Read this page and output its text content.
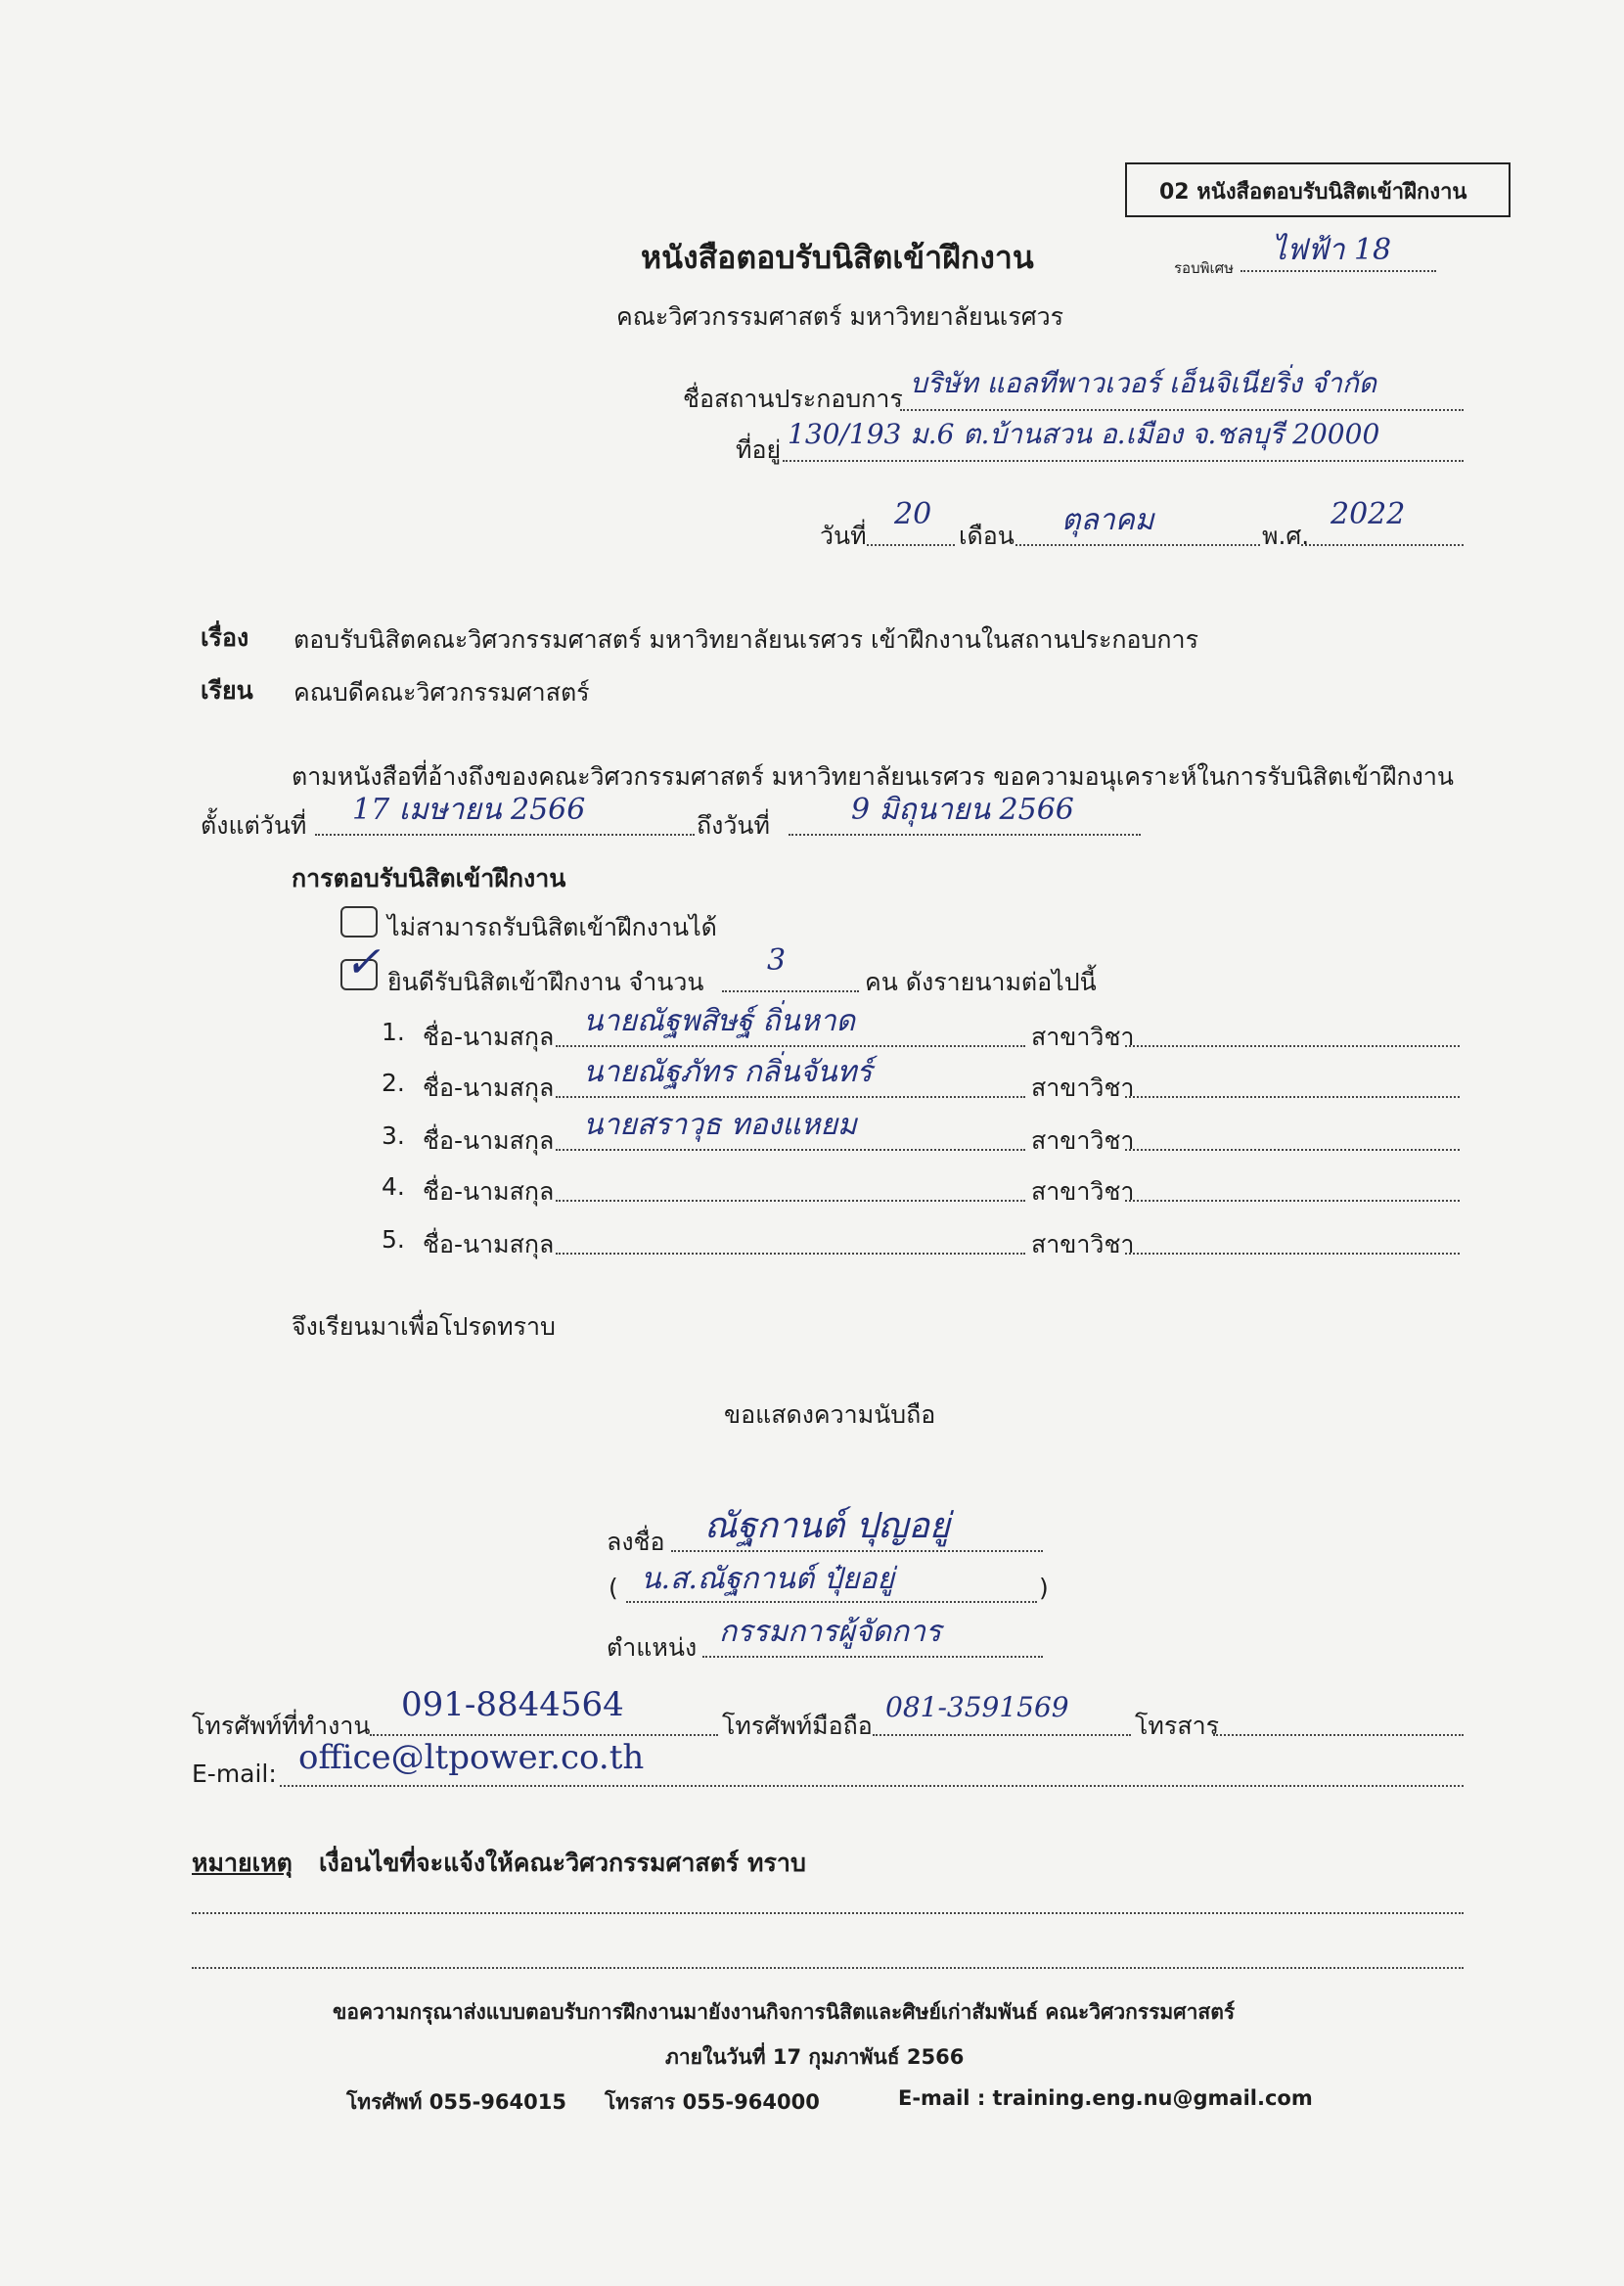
02 หนังสือตอบรับนิสิตเข้าฝึกงาน
หนังสือตอบรับนิสิตเข้าฝึกงาน	รอบพิเศษ
ไฟฟ้า 18
คณะวิศวกรรมศาสตร์ มหาวิทยาลัยนเรศวร
ชื่อสถานประกอบการ บริษัท แอลทีพาวเวอร์ เอ็นจิเนียริ่ง จำกัด
ที่อยู่ 130/193 ม.6 ต.บ้านสวน อ.เมือง จ.ชลบุรี 20000
วันที่
20
เดือน ตุลาคม	พ.ศ.
2022
เรื่อง ตอบรับนิสิตคณะวิศวกรรมศาสตร์ มหาวิทยาลัยนเรศวร เข้าฝึกงานในสถานประกอบการ
เรียน คณบดีคณะวิศวกรรมศาสตร์
ตามหนังสือที่อ้างถึงของคณะวิศวกรรมศาสตร์ มหาวิทยาลัยนเรศวร ขอความอนุเคราะห์ในการรับนิสิตเข้าฝึกงาน
ตั้งแต่วันที่ 17 เมษายน 2566	ถึงวันที่	9 มิถุนายน 2566
การตอบรับนิสิตเข้าฝึกงาน
ไม่สามารถรับนิสิตเข้าฝึกงานได้
✓ ยินดีรับนิสิตเข้าฝึกงาน จำนวน
3
คน ดังรายนามต่อไปนี้
1. ชื่อ-นามสกุล นายณัฐพสิษฐ์ ถิ่นหาด	สาขาวิชา
2. ชื่อ-นามสกุล นายณัฐภัทร กลิ่นจันทร์	สาขาวิชา
3. ชื่อ-นามสกุล นายสราวุธ ทองแหยม	สาขาวิชา
4. ชื่อ-นามสกุล	สาขาวิชา
5. ชื่อ-นามสกุล	สาขาวิชา
จึงเรียนมาเพื่อโปรดทราบ
ขอแสดงความนับถือ
ลงชื่อ ณัฐกานต์ ปุญอยู่
( น.ส.ณัฐกานต์ ปุ๋ยอยู่	)
ตำแหน่ง กรรมการผู้จัดการ
โทรศัพท์ที่ทำงาน
091-8844564
โทรศัพท์มือถือ
081-3591569
โทรสาร
E-mail: office@ltpower.co.th
หมายเหตุ เงื่อนไขที่จะแจ้งให้คณะวิศวกรรมศาสตร์ ทราบ
ขอความกรุณาส่งแบบตอบรับการฝึกงานมายังงานกิจการนิสิตและศิษย์เก่าสัมพันธ์ คณะวิศวกรรมศาสตร์
ภายในวันที่ 17 กุมภาพันธ์ 2566
โทรศัพท์ 055-964015 โทรสาร 055-964000	E-mail : training.eng.nu@gmail.com
